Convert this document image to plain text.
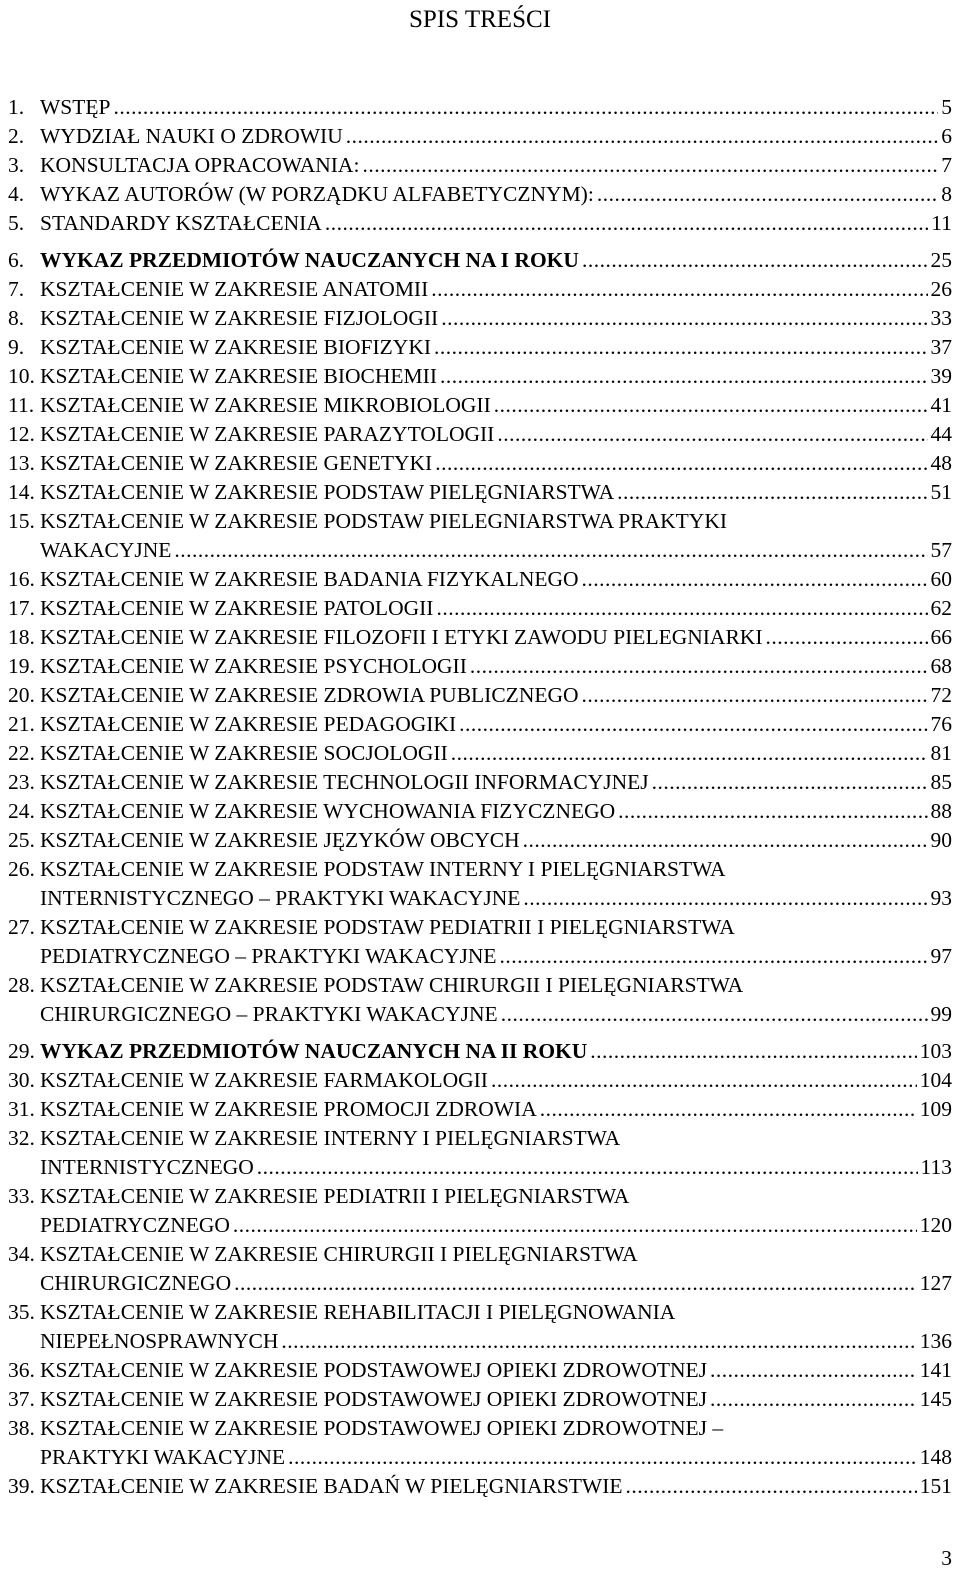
SPIS TREŚCI
1. WSTĘP .....	5
2. WYDZIAŁ NAUKI O ZDROWIU .....	6
3. KONSULTACJA OPRACOWANIA: .....	7
4. WYKAZ AUTORÓW (W PORZĄDKU ALFABETYCZNYM): .....	8
5. STANDARDY KSZTAŁCENIA .....	11
6. WYKAZ PRZEDMIOTÓW NAUCZANYCH NA I ROKU .....	25
7. KSZTAŁCENIE W ZAKRESIE ANATOMII .....	26
8. KSZTAŁCENIE W ZAKRESIE FIZJOLOGII .....	33
9. KSZTAŁCENIE W ZAKRESIE BIOFIZYKI .....	37
10. KSZTAŁCENIE W ZAKRESIE BIOCHEMII .....	39
11. KSZTAŁCENIE W ZAKRESIE MIKROBIOLOGII .....	41
12. KSZTAŁCENIE W ZAKRESIE PARAZYTOLOGII .....	44
13. KSZTAŁCENIE W ZAKRESIE GENETYKI .....	48
14. KSZTAŁCENIE W ZAKRESIE PODSTAW PIELĘGNIARSTWA .....	51
15. KSZTAŁCENIE W ZAKRESIE PODSTAW PIELEGNIARSTWA PRAKTYKI
WAKACYJNE .....	57
16. KSZTAŁCENIE W ZAKRESIE BADANIA FIZYKALNEGO .....	60
17. KSZTAŁCENIE W ZAKRESIE PATOLOGII .....	62
18. KSZTAŁCENIE W ZAKRESIE FILOZOFII I ETYKI ZAWODU PIELEGNIARKI .....	66
19. KSZTAŁCENIE W ZAKRESIE PSYCHOLOGII .....	68
20. KSZTAŁCENIE W ZAKRESIE ZDROWIA PUBLICZNEGO .....	72
21. KSZTAŁCENIE W ZAKRESIE PEDAGOGIKI .....	76
22. KSZTAŁCENIE W ZAKRESIE SOCJOLOGII .....	81
23. KSZTAŁCENIE W ZAKRESIE TECHNOLOGII INFORMACYJNEJ .....	85
24. KSZTAŁCENIE W ZAKRESIE WYCHOWANIA FIZYCZNEGO .....	88
25. KSZTAŁCENIE W ZAKRESIE JĘZYKÓW OBCYCH .....	90
26. KSZTAŁCENIE W ZAKRESIE PODSTAW INTERNY I PIELĘGNIARSTWA
INTERNISTYCZNEGO – PRAKTYKI WAKACYJNE .....	93
27. KSZTAŁCENIE W ZAKRESIE PODSTAW PEDIATRII I PIELĘGNIARSTWA
PEDIATRYCZNEGO – PRAKTYKI WAKACYJNE .....	97
28. KSZTAŁCENIE W ZAKRESIE PODSTAW CHIRURGII I PIELĘGNIARSTWA
CHIRURGICZNEGO – PRAKTYKI WAKACYJNE .....	99
29. WYKAZ PRZEDMIOTÓW NAUCZANYCH NA II ROKU .....	103
30. KSZTAŁCENIE W ZAKRESIE FARMAKOLOGII .....	104
31. KSZTAŁCENIE W ZAKRESIE PROMOCJI ZDROWIA .....	109
32. KSZTAŁCENIE W ZAKRESIE INTERNY I PIELĘGNIARSTWA
INTERNISTYCZNEGO .....	113
33. KSZTAŁCENIE W ZAKRESIE PEDIATRII I PIELĘGNIARSTWA
PEDIATRYCZNEGO .....	120
34. KSZTAŁCENIE W ZAKRESIE CHIRURGII I PIELĘGNIARSTWA
CHIRURGICZNEGO .....	127
35. KSZTAŁCENIE W ZAKRESIE REHABILITACJI I PIELĘGNOWANIA
NIEPEŁNOSPRAWNYCH .....	136
36. KSZTAŁCENIE W ZAKRESIE PODSTAWOWEJ OPIEKI ZDROWOTNEJ .....	141
37. KSZTAŁCENIE W ZAKRESIE PODSTAWOWEJ OPIEKI ZDROWOTNEJ .....	145
38. KSZTAŁCENIE W ZAKRESIE PODSTAWOWEJ OPIEKI ZDROWOTNEJ –
PRAKTYKI WAKACYJNE .....	148
39. KSZTAŁCENIE W ZAKRESIE BADAŃ W PIELĘGNIARSTWIE .....	151
3
